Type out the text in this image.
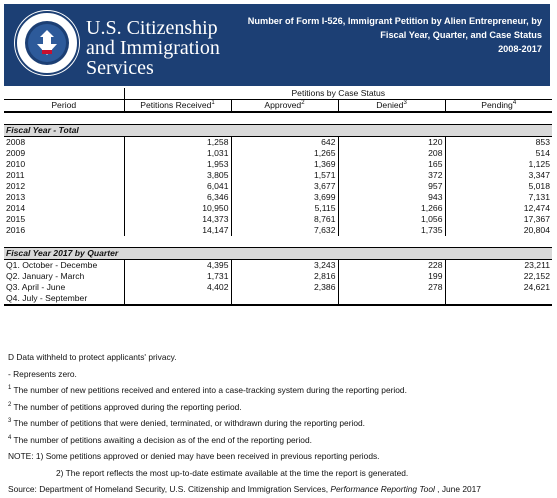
U.S. Citizenship
and Immigration
Services
Number of Form I-526, Immigrant Petition by Alien Entrepreneur, by
Fiscal Year, Quarter, and Case Status
2008-2017
	Petitions by Case Status			
Period	Petitions Received$^1$	Approved$^2$	Denied$^3$	Pending$^4$

Fiscal Year - Total				
2008	1,258	642	120	853
2009	1,031	1,265	208	514
2010	1,953	1,369	165	1,125
2011	3,805	1,571	372	3,347
2012	6,041	3,677	957	5,018
2013	6,346	3,699	943	7,131
2014	10,950	5,115	1,266	12,474
2015	14,373	8,761	1,056	17,367
2016	14,147	7,632	1,735	20,804

Fiscal Year 2017 by Quarter				
Q1. October - Decembe	4,395	3,243	228	23,211
Q2. January - March	1,731	2,816	199	22,152
Q3. April - June	4,402	2,386	278	24,621
Q4. July - September				
D Data withheld to protect applicants' privacy.
- Represents zero.
$^1$ The number of new petitions received and entered into a case-tracking system during the reporting period.
$^2$ The number of petitions approved during the reporting period.
$^3$ The number of petitions that were denied, terminated, or withdrawn during the reporting period.
$^4$ The number of petitions awaiting a decision as of the end of the reporting period.
NOTE: 1) Some petitions approved or denied may have been received in previous reporting periods.
2) The report reflects the most up-to-date estimate available at the time the report is generated.
Source: Department of Homeland Security, U.S. Citizenship and Immigration Services, Performance Reporting Tool , June 2017
